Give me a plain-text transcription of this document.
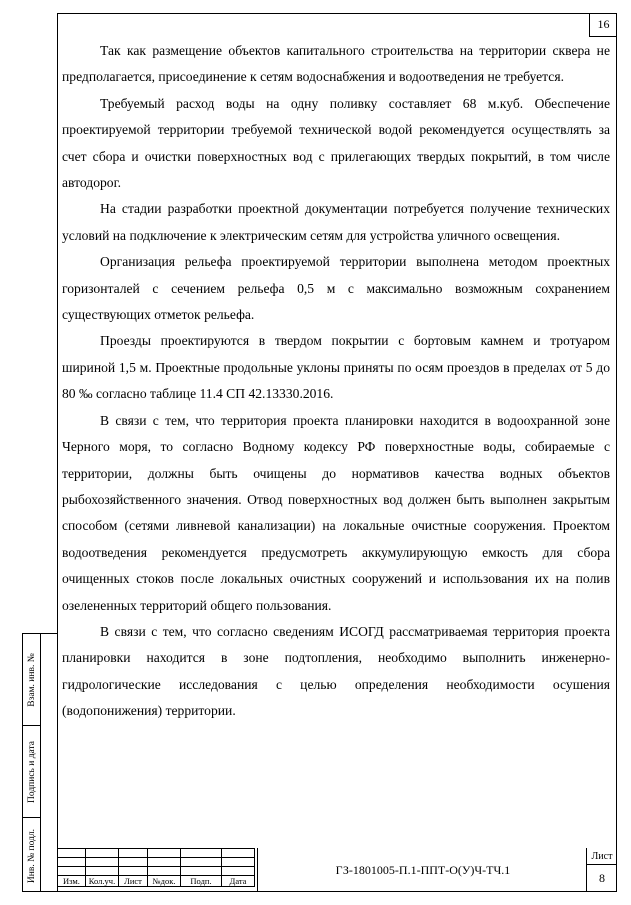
16

Так как размещение объектов капитального строительства на территории сквера не предполагается, присоединение к сетям водоснабжения и водоотведения не требуется.

Требуемый расход воды на одну поливку составляет 68 м.куб. Обеспечение проектируемой территории требуемой технической водой рекомендуется осуществлять за счет сбора и очистки поверхностных вод с прилегающих твердых покрытий, в том числе автодорог.

На стадии разработки проектной документации потребуется получение технических условий на подключение к электрическим сетям для устройства уличного освещения.

Организация рельефа проектируемой территории выполнена методом проектных горизонталей с сечением рельефа 0,5 м с максимально возможным сохранением существующих отметок рельефа.

Проезды проектируются в твердом покрытии с бортовым камнем и тротуаром шириной 1,5 м. Проектные продольные уклоны приняты по осям проездов в пределах от 5 до 80 ‰ согласно таблице 11.4 СП 42.13330.2016.

В связи с тем, что территория проекта планировки находится в водоохранной зоне Черного моря, то согласно Водному кодексу РФ поверхностные воды, собираемые с территории, должны быть очищены до нормативов качества водных объектов рыбохозяйственного значения. Отвод поверхностных вод должен быть выполнен закрытым способом (сетями ливневой канализации) на локальные очистные сооружения. Проектом водоотведения рекомендуется предусмотреть аккумулирующую емкость для сбора очищенных стоков после локальных очистных сооружений и использования их на полив озелененных территорий общего пользования.

В связи с тем, что согласно сведениям ИСОГД рассматриваемая территория проекта планировки находится в зоне подтопления, необходимо выполнить инженерно-гидрологические исследования с целью определения необходимости осушения (водопонижения) территории.

Взам. инв. №
Подпись и дата
Инв. № подл.

						Изм.	Кол.уч.	Лист	№док.	Подп.	Дата
ГЗ-1801005-П.1-ППТ-О(У)Ч-ТЧ.1
Лист
8
